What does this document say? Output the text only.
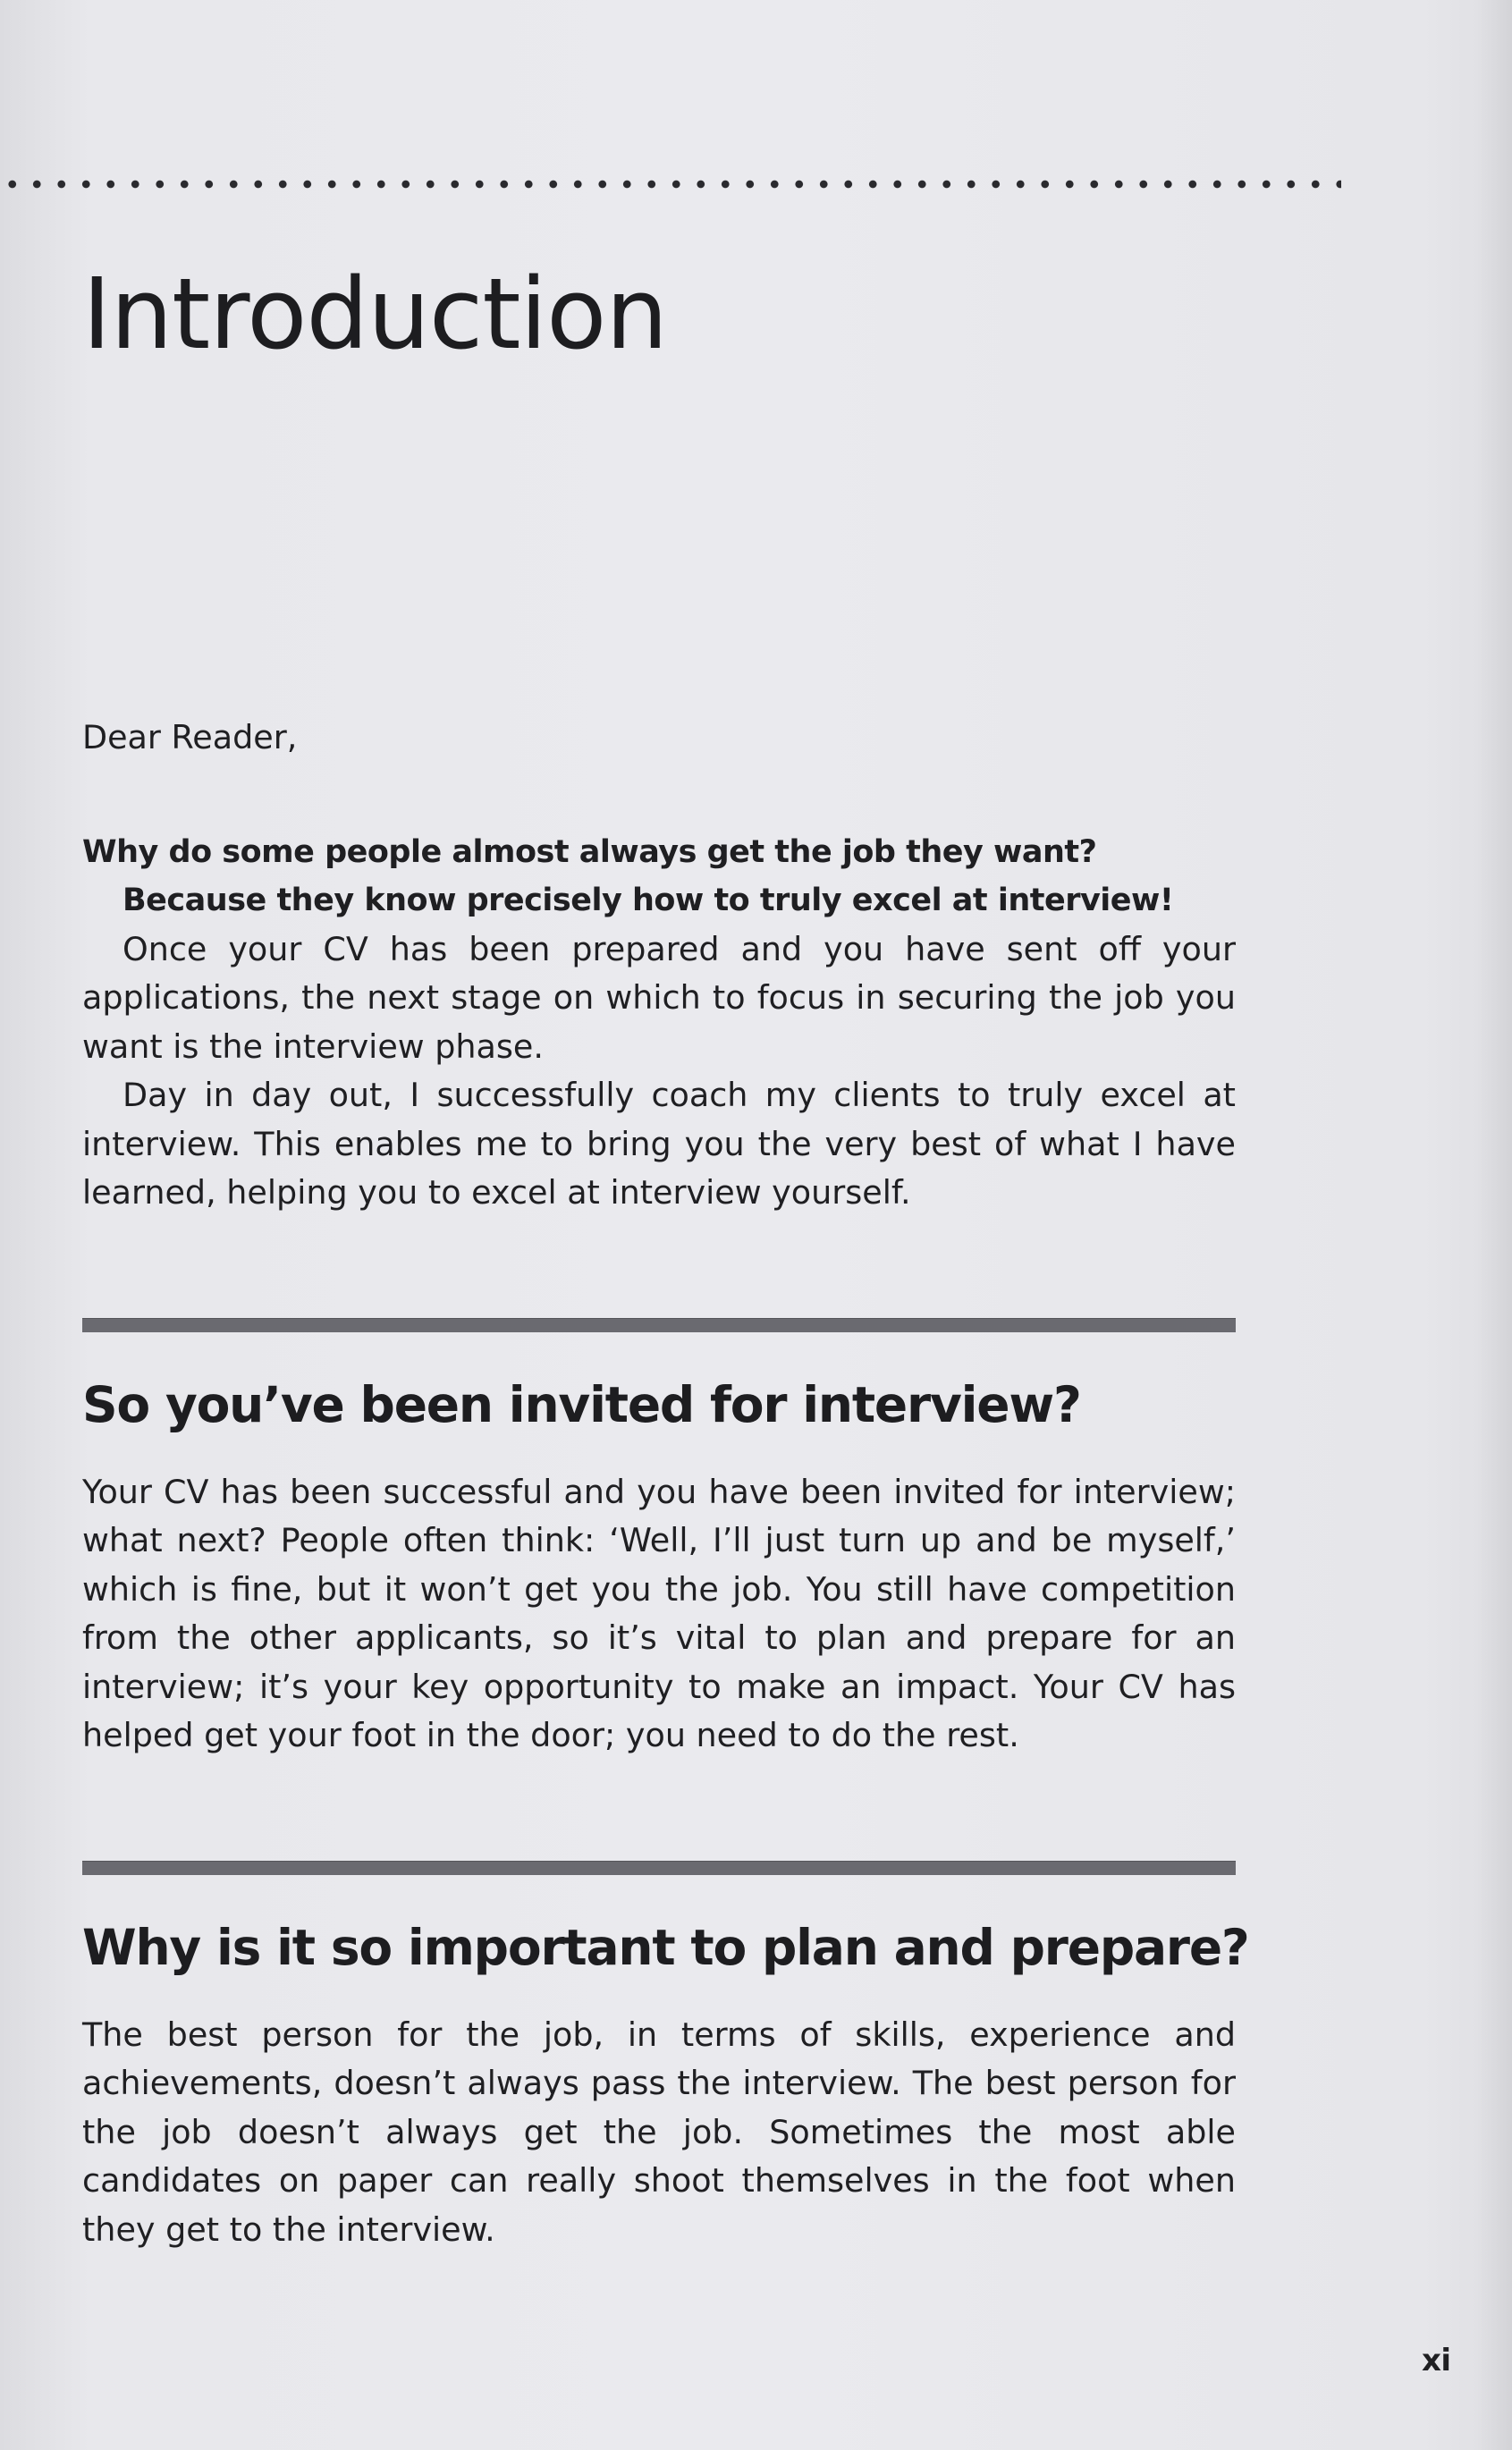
Introduction

Dear Reader,

Why do some people almost always get the job they want?

Because they know precisely how to truly excel at interview!

Once your CV has been prepared and you have sent off your applications, the next stage on which to focus in securing the job you want is the interview phase.

Day in day out, I successfully coach my clients to truly excel at interview. This enables me to bring you the very best of what I have learned, helping you to excel at interview yourself.

So you’ve been invited for interview?

Your CV has been successful and you have been invited for interview; what next? People often think: ‘Well, I’ll just turn up and be myself,’ which is fine, but it won’t get you the job. You still have competition from the other applicants, so it’s vital to plan and prepare for an interview; it’s your key opportunity to make an impact. Your CV has helped get your foot in the door; you need to do the rest.

Why is it so important to plan and prepare?

The best person for the job, in terms of skills, experience and achievements, doesn’t always pass the interview. The best person for the job doesn’t always get the job. Sometimes the most able candidates on paper can really shoot themselves in the foot when they get to the interview.

xi
